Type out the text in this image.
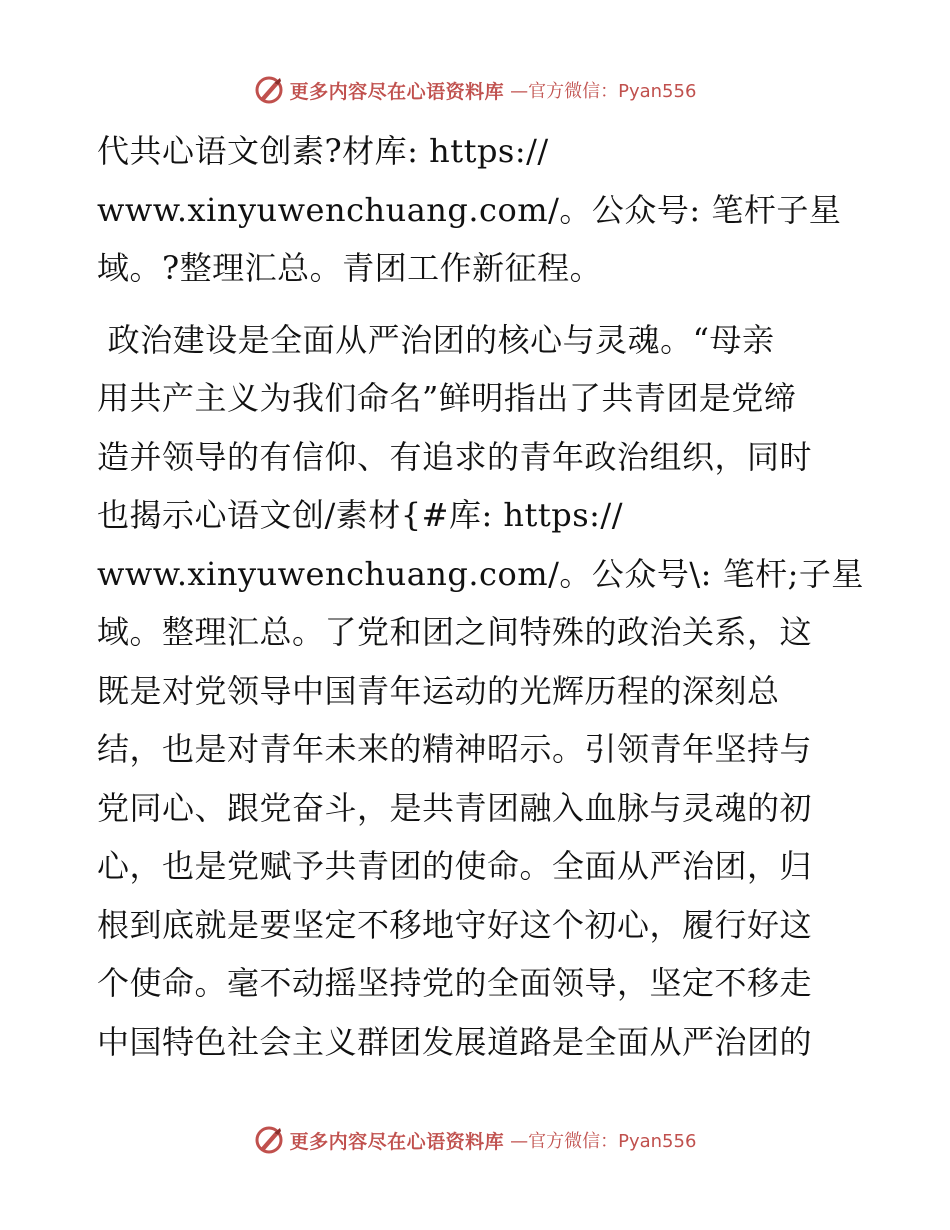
更多内容尽在心语资料库 —官方微信：Pyan556

代共心语文创素?材库: https://
www.xinyuwenchuang.com/。公众号: 笔杆子星
域。?整理汇总。青团工作新征程。

政治建设是全面从严治团的核心与灵魂。“母亲
用共产主义为我们命名”鲜明指出了共青团是党缔
造并领导的有信仰、有追求的青年政治组织，同时
也揭示心语文创/素材{#库: https://
www.xinyuwenchuang.com/。公众号\: 笔杆;子星
域。整理汇总。了党和团之间特殊的政治关系，这
既是对党领导中国青年运动的光辉历程的深刻总
结，也是对青年未来的精神昭示。引领青年坚持与
党同心、跟党奋斗，是共青团融入血脉与灵魂的初
心，也是党赋予共青团的使命。全面从严治团，归
根到底就是要坚定不移地守好这个初心，履行好这
个使命。毫不动摇坚持党的全面领导，坚定不移走
中国特色社会主义群团发展道路是全面从严治团的

更多内容尽在心语资料库 —官方微信：Pyan556
